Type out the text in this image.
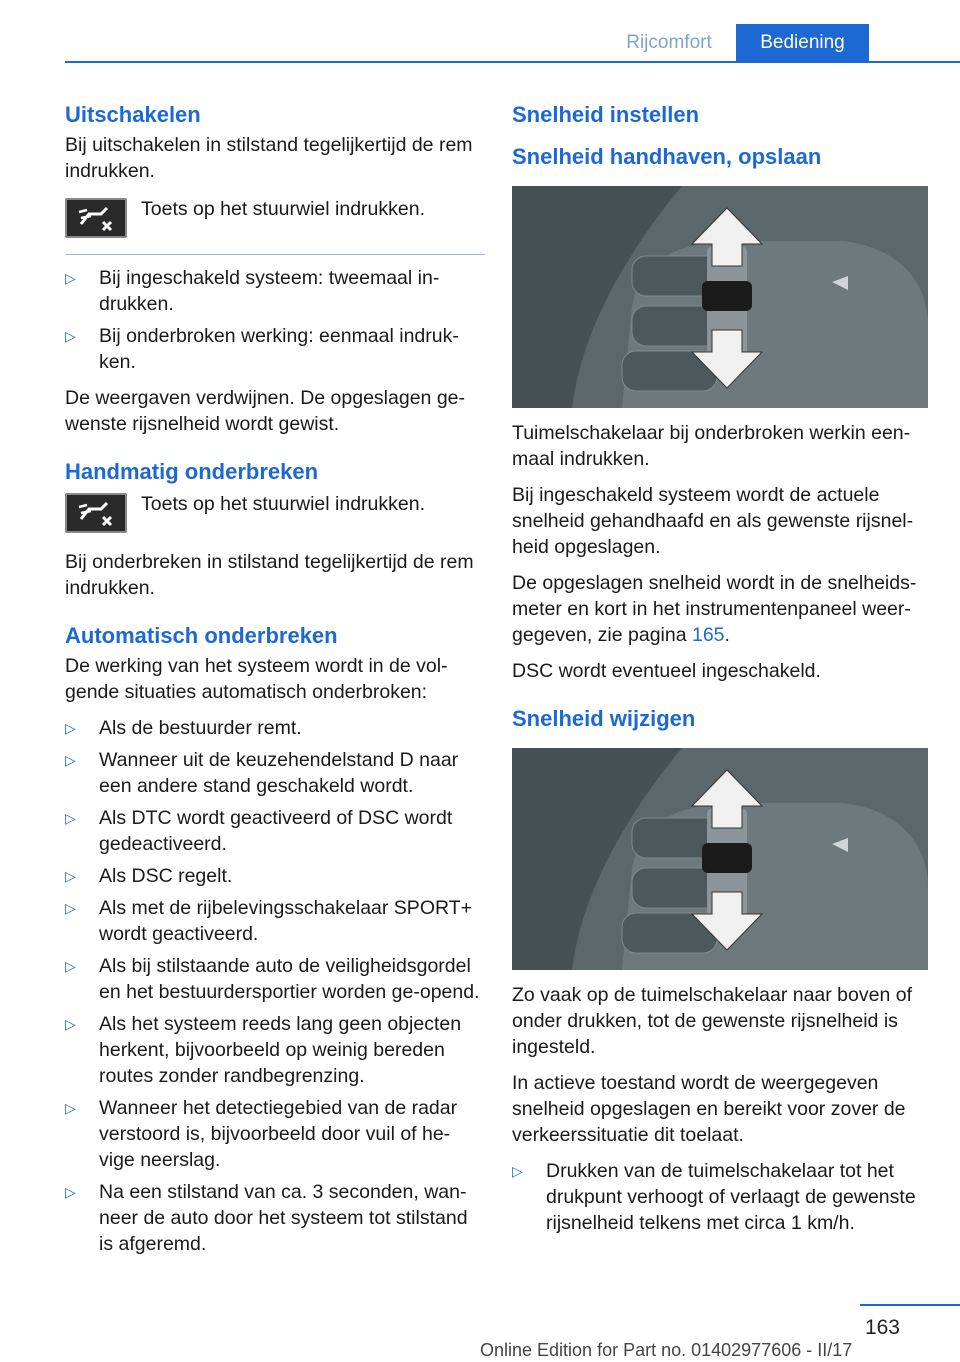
Rijcomfort	Bediening
Uitschakelen

Bij uitschakelen in stilstand tegelijkertijd de rem indrukken.

Toets op het stuurwiel indrukken.
▷ Bij ingeschakeld systeem: tweemaal in-drukken.
▷ Bij onderbroken werking: eenmaal indruk-ken.

De weergaven verdwijnen. De opgeslagen ge-wenste rijsnelheid wordt gewist.

Handmatig onderbreken
Toets op het stuurwiel indrukken.

Bij onderbreken in stilstand tegelijkertijd de rem indrukken.

Automatisch onderbreken

De werking van het systeem wordt in de vol-gende situaties automatisch onderbroken:

▷ Als de bestuurder remt.
▷ Wanneer uit de keuzehendelstand D naar een andere stand geschakeld wordt.
▷ Als DTC wordt geactiveerd of DSC wordt gedeactiveerd.
▷ Als DSC regelt.
▷ Als met de rijbelevingsschakelaar SPORT+ wordt geactiveerd.
▷ Als bij stilstaande auto de veiligheidsgordel en het bestuurdersportier worden ge-opend.
▷ Als het systeem reeds lang geen objecten herkent, bijvoorbeeld op weinig bereden routes zonder randbegrenzing.
▷ Wanneer het detectiegebied van de radar verstoord is, bijvoorbeeld door vuil of he-vige neerslag.
▷ Na een stilstand van ca. 3 seconden, wan-neer de auto door het systeem tot stilstand is afgeremd.
Snelheid instellen
Snelheid handhaven, opslaan

Tuimelschakelaar bij onderbroken werkin een-maal indrukken.

Bij ingeschakeld systeem wordt de actuele snelheid gehandhaafd en als gewenste rijsnel-heid opgeslagen.

De opgeslagen snelheid wordt in de snelheids-meter en kort in het instrumentenpaneel weer-gegeven, zie pagina 165.

DSC wordt eventueel ingeschakeld.

Snelheid wijzigen

Zo vaak op de tuimelschakelaar naar boven of onder drukken, tot de gewenste rijsnelheid is ingesteld.

In actieve toestand wordt de weergegeven snelheid opgeslagen en bereikt voor zover de verkeerssituatie dit toelaat.

▷ Drukken van de tuimelschakelaar tot het drukpunt verhoogt of verlaagt de gewenste rijsnelheid telkens met circa 1 km/h.
163
Online Edition for Part no. 01402977606 - II/17
